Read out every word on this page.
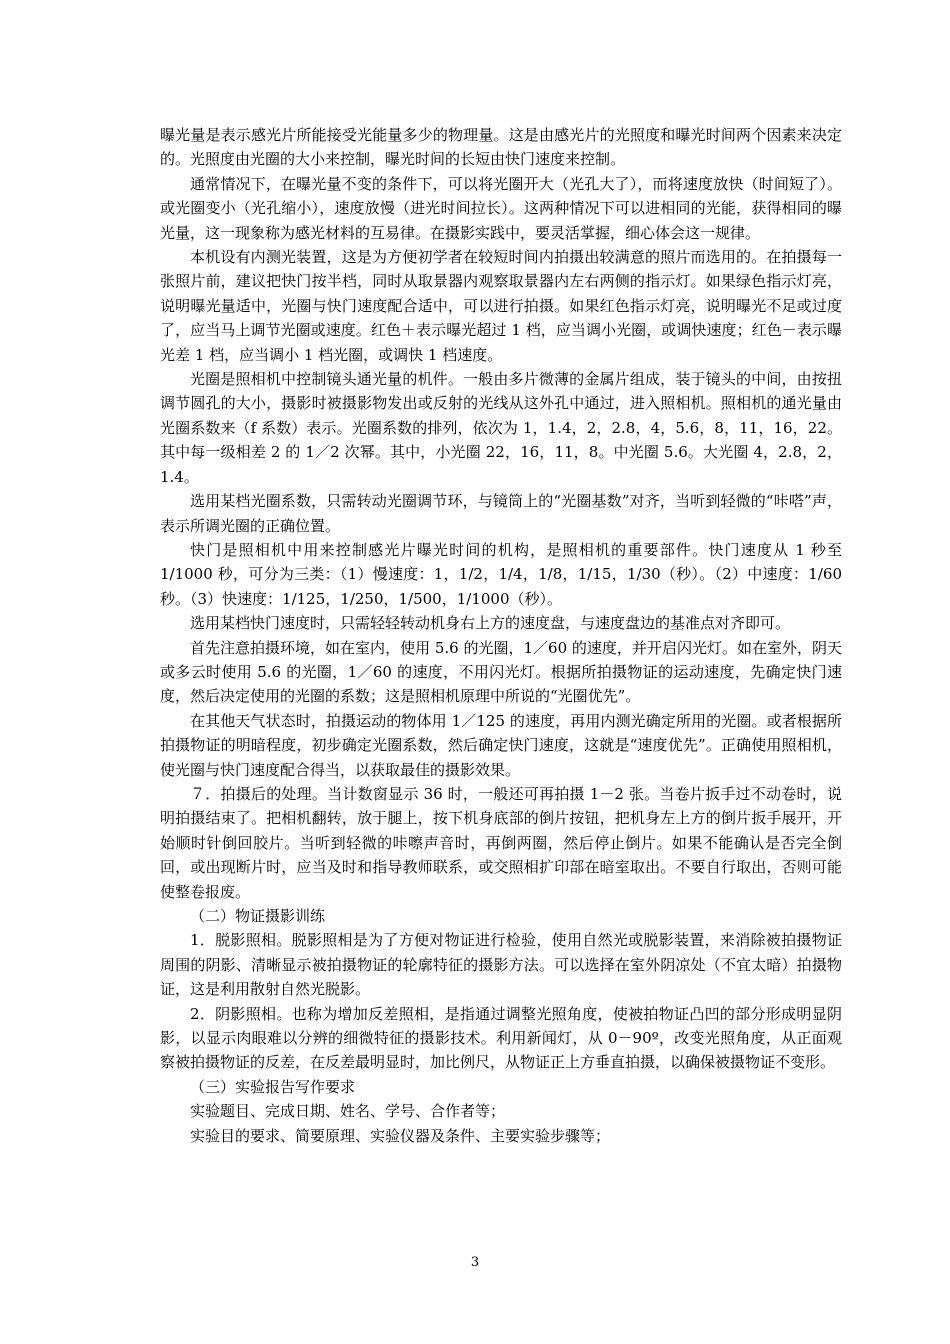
曝光量是表示感光片所能接受光能量多少的物理量。这是由感光片的光照度和曝光时间两个因素来决定的。光照度由光圈的大小来控制，曝光时间的长短由快门速度来控制。

通常情况下，在曝光量不变的条件下，可以将光圈开大（光孔大了），而将速度放快（时间短了）。或光圈变小（光孔缩小），速度放慢（进光时间拉长）。这两种情况下可以进相同的光能，获得相同的曝光量，这一现象称为感光材料的互易律。在摄影实践中，要灵活掌握，细心体会这一规律。

本机设有内测光装置，这是为方便初学者在较短时间内拍摄出较满意的照片而选用的。在拍摄每一张照片前，建议把快门按半档，同时从取景器内观察取景器内左右两侧的指示灯。如果绿色指示灯亮，说明曝光量适中，光圈与快门速度配合适中，可以进行拍摄。如果红色指示灯亮，说明曝光不足或过度了，应当马上调节光圈或速度。红色＋表示曝光超过 1 档，应当调小光圈，或调快速度；红色－表示曝光差 1 档，应当调小 1 档光圈，或调快 1 档速度。

光圈是照相机中控制镜头通光量的机件。一般由多片微薄的金属片组成，装于镜头的中间，由按扭调节圆孔的大小，摄影时被摄影物发出或反射的光线从这外孔中通过，进入照相机。照相机的通光量由光圈系数来（f 系数）表示。光圈系数的排列，依次为 1，1.4，2，2.8，4，5.6，8，11，16，22。其中每一级相差 2 的 1／2 次幂。其中，小光圈 22，16，11，8。中光圈 5.6。大光圈 4，2.8，2，1.4。

选用某档光圈系数，只需转动光圈调节环，与镜筒上的“光圈基数”对齐，当听到轻微的“咔嗒”声，表示所调光圈的正确位置。

快门是照相机中用来控制感光片曝光时间的机构，是照相机的重要部件。快门速度从 1 秒至 1/1000 秒，可分为三类：（1）慢速度：1，1/2，1/4，1/8，1/15，1/30（秒）。（2）中速度：1/60 秒。（3）快速度：1/125，1/250，1/500，1/1000（秒）。

选用某档快门速度时，只需轻轻转动机身右上方的速度盘，与速度盘边的基准点对齐即可。

首先注意拍摄环境，如在室内，使用 5.6 的光圈，1／60 的速度，并开启闪光灯。如在室外，阴天或多云时使用 5.6 的光圈，1／60 的速度，不用闪光灯。根据所拍摄物证的运动速度，先确定快门速度，然后决定使用的光圈的系数；这是照相机原理中所说的“光圈优先”。

在其他天气状态时，拍摄运动的物体用 1／125 的速度，再用内测光确定所用的光圈。或者根据所拍摄物证的明暗程度，初步确定光圈系数，然后确定快门速度，这就是“速度优先”。正确使用照相机，使光圈与快门速度配合得当，以获取最佳的摄影效果。

７．拍摄后的处理。当计数窗显示 36 时，一般还可再拍摄 1－2 张。当卷片扳手过不动卷时，说明拍摄结束了。把相机翻转，放于腿上，按下机身底部的倒片按钮，把机身左上方的倒片扳手展开，开始顺时针倒回胶片。当听到轻微的咔嚓声音时，再倒两圈，然后停止倒片。如果不能确认是否完全倒回，或出现断片时，应当及时和指导教师联系，或交照相扩印部在暗室取出。不要自行取出，否则可能使整卷报废。

（二）物证摄影训练

1．脱影照相。脱影照相是为了方便对物证进行检验，使用自然光或脱影装置，来消除被拍摄物证周围的阴影、清晰显示被拍摄物证的轮廓特征的摄影方法。可以选择在室外阴凉处（不宜太暗）拍摄物证，这是利用散射自然光脱影。

2．阴影照相。也称为增加反差照相，是指通过调整光照角度，使被拍物证凸凹的部分形成明显阴影，以显示肉眼难以分辨的细微特征的摄影技术。利用新闻灯，从 0－90º，改变光照角度，从正面观察被拍摄物证的反差，在反差最明显时，加比例尺，从物证正上方垂直拍摄，以确保被摄物证不变形。

（三）实验报告写作要求

实验题目、完成日期、姓名、学号、合作者等；

实验目的要求、简要原理、实验仪器及条件、主要实验步骤等；

3
